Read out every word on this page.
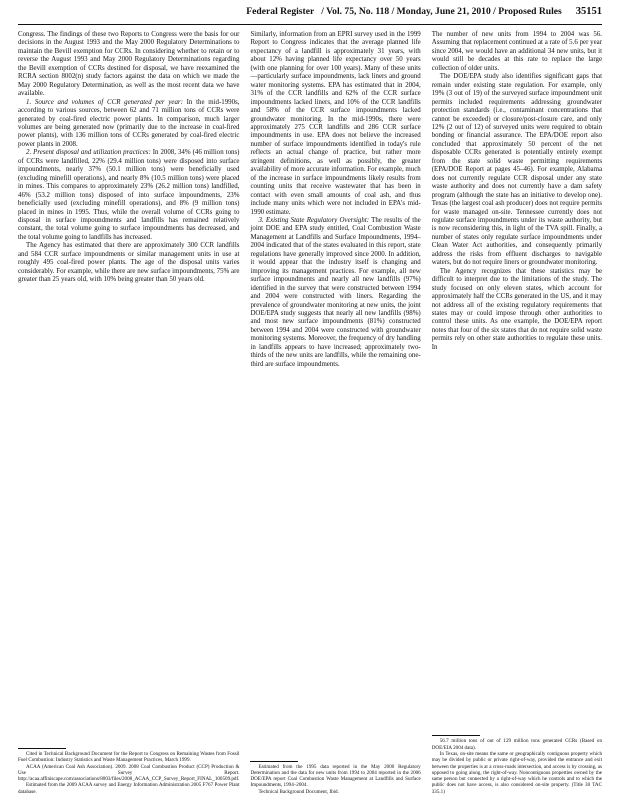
Federal Register / Vol. 75, No. 118 / Monday, June 21, 2010 / Proposed Rules 35151

Congress. The findings of these two Reports to Congress were the basis for our decisions in the August 1993 and the May 2000 Regulatory Determinations to maintain the Bevill exemption for CCRs. In considering whether to retain or to reverse the August 1993 and May 2000 Regulatory Determinations regarding the Bevill exemption of CCRs destined for disposal, we have reexamined the RCRA section 8002(n) study factors against the data on which we made the May 2000 Regulatory Determination, as well as the most recent data we have available.

1. Source and volumes of CCR generated per year: In the mid-1990s, according to various sources, between 62 and 71 million tons of CCRs were generated by coal-fired electric power plants. In comparison, much larger volumes are being generated now (primarily due to the increase in coal-fired power plants), with 136 million tons of CCRs generated by coal-fired electric power plants in 2008.

2. Present disposal and utilization practices: In 2008, 34% (46 million tons) of CCRs were landfilled, 22% (29.4 million tons) were disposed into surface impoundments, nearly 37% (50.1 million tons) were beneficially used (excluding minefill operations), and nearly 8% (10.5 million tons) were placed in mines. This compares to approximately 23% (26.2 million tons) landfilled, 46% (53.2 million tons) disposed of into surface impoundments, 23% beneficially used (excluding minefill operations), and 8% (9 million tons) placed in mines in 1995. Thus, while the overall volume of CCRs going to disposal in surface impoundments and landfills has remained relatively constant, the total volume going to surface impoundments has decreased, and the total volume going to landfills has increased.

The Agency has estimated that there are approximately 300 CCR landfills and 584 CCR surface impoundments or similar management units in use at roughly 495 coal-fired power plants. The age of the disposal units varies considerably. For example, while there are new surface impoundments, 75% are greater than 25 years old, with 10% being greater than 50 years old.

Cited in Technical Background Document for the Report to Congress on Remaining Wastes from Fossil Fuel Combustion: Industry Statistics and Waste Management Practices, March 1999.

ACAA (American Coal Ash Association). 2009. 2008 Coal Combustion Product (CCP) Production & Use Survey Report. http://acaa.affiniscape.com/associations/8003/files/2008_ACAA_CCP_Survey_Report_FINAL_100509.pdf.

Estimated from the 2009 ACAA survey and Energy Information Administration 2005 F767 Power Plant database.

Similarly, information from an EPRI survey used in the 1999 Report to Congress indicates that the average planned life expectancy of a landfill is approximately 31 years, with about 12% having planned life expectancy over 50 years (with one planning for over 100 years). Many of these units—particularly surface impoundments, lack liners and ground water monitoring systems. EPA has estimated that in 2004, 31% of the CCR landfills and 62% of the CCR surface impoundments lacked liners, and 10% of the CCR landfills and 58% of the CCR surface impoundments lacked groundwater monitoring. In the mid-1990s, there were approximately 275 CCR landfills and 286 CCR surface impoundments in use. EPA does not believe the increased number of surface impoundments identified in today's rule reflects an actual change of practice, but rather more stringent definitions, as well as possibly, the greater availability of more accurate information. For example, much of the increase in surface impoundments likely results from counting units that receive wastewater that has been in contact with even small amounts of coal ash, and thus include many units which were not included in EPA's mid-1990 estimate.

3. Existing State Regulatory Oversight: The results of the joint DOE and EPA study entitled, Coal Combustion Waste Management at Landfills and Surface Impoundments, 1994–2004 indicated that of the states evaluated in this report, state regulations have generally improved since 2000. In addition, it would appear that the industry itself is changing and improving its management practices. For example, all new surface impoundments and nearly all new landfills (97%) identified in the survey that were constructed between 1994 and 2004 were constructed with liners. Regarding the prevalence of groundwater monitoring at new units, the joint DOE/EPA study suggests that nearly all new landfills (98%) and most new surface impoundments (81%) constructed between 1994 and 2004 were constructed with groundwater monitoring systems. Moreover, the frequency of dry handling in landfills appears to have increased; approximately two-thirds of the new units are landfills, while the remaining one-third are surface impoundments.

Estimated from the 1995 data reported in the May 2000 Regulatory Determination and the data for new units from 1994 to 2004 reported in the 2006 DOE/EPA report Coal Combustion Waste Management at Landfills and Surface Impoundments, 1994–2004.

Technical Background Document, Ibid.

The number of new units from 1994 to 2004 was 56. Assuming that replacement continued at a rate of 5.6 per year since 2004, we would have an additional 34 new units, but it would still be decades at this rate to replace the large collection of older units.

The DOE/EPA study also identifies significant gaps that remain under existing state regulation. For example, only 19% (3 out of 19) of the surveyed surface impoundment unit permits included requirements addressing groundwater protection standards (i.e., contaminant concentrations that cannot be exceeded) or closure/post-closure care, and only 12% (2 out of 12) of surveyed units were required to obtain bonding or financial assurance. The EPA/DOE report also concluded that approximately 50 percent of the net disposable CCRs generated is potentially entirely exempt from the state solid waste permitting requirements (EPA/DOE Report at pages 45–46). For example, Alabama does not currently regulate CCR disposal under any state waste authority and does not currently have a dam safety program (although the state has an initiative to develop one). Texas (the largest coal ash producer) does not require permits for waste managed on-site. Tennessee currently does not regulate surface impoundments under its waste authority, but is now reconsidering this, in light of the TVA spill. Finally, a number of states only regulate surface impoundments under Clean Water Act authorities, and consequently primarily address the risks from effluent discharges to navigable waters, but do not require liners or groundwater monitoring.

The Agency recognizes that these statistics may be difficult to interpret due to the limitations of the study. The study focused on only eleven states, which account for approximately half the CCRs generated in the US, and it may not address all of the existing regulatory requirements that states may or could impose through other authorities to control these units. As one example, the DOE/EPA report notes that four of the six states that do not require solid waste permits rely on other state authorities to regulate these units. In

56.7 million tons of out of 129 million tons generated CCRs (Based on DOE/EIA 2004 data).

In Texas, on-site means the same or geographically contiguous property which may be divided by public or private right-of-way, provided the entrance and exit between the properties is at a cross-roads intersection, and access is by crossing, as opposed to going along, the right-of-way. Noncontiguous properties owned by the same person but connected by a right-of-way which he controls and to which the public does not have access, is also considered on-site property. (Title 30 TAC 335.1)
